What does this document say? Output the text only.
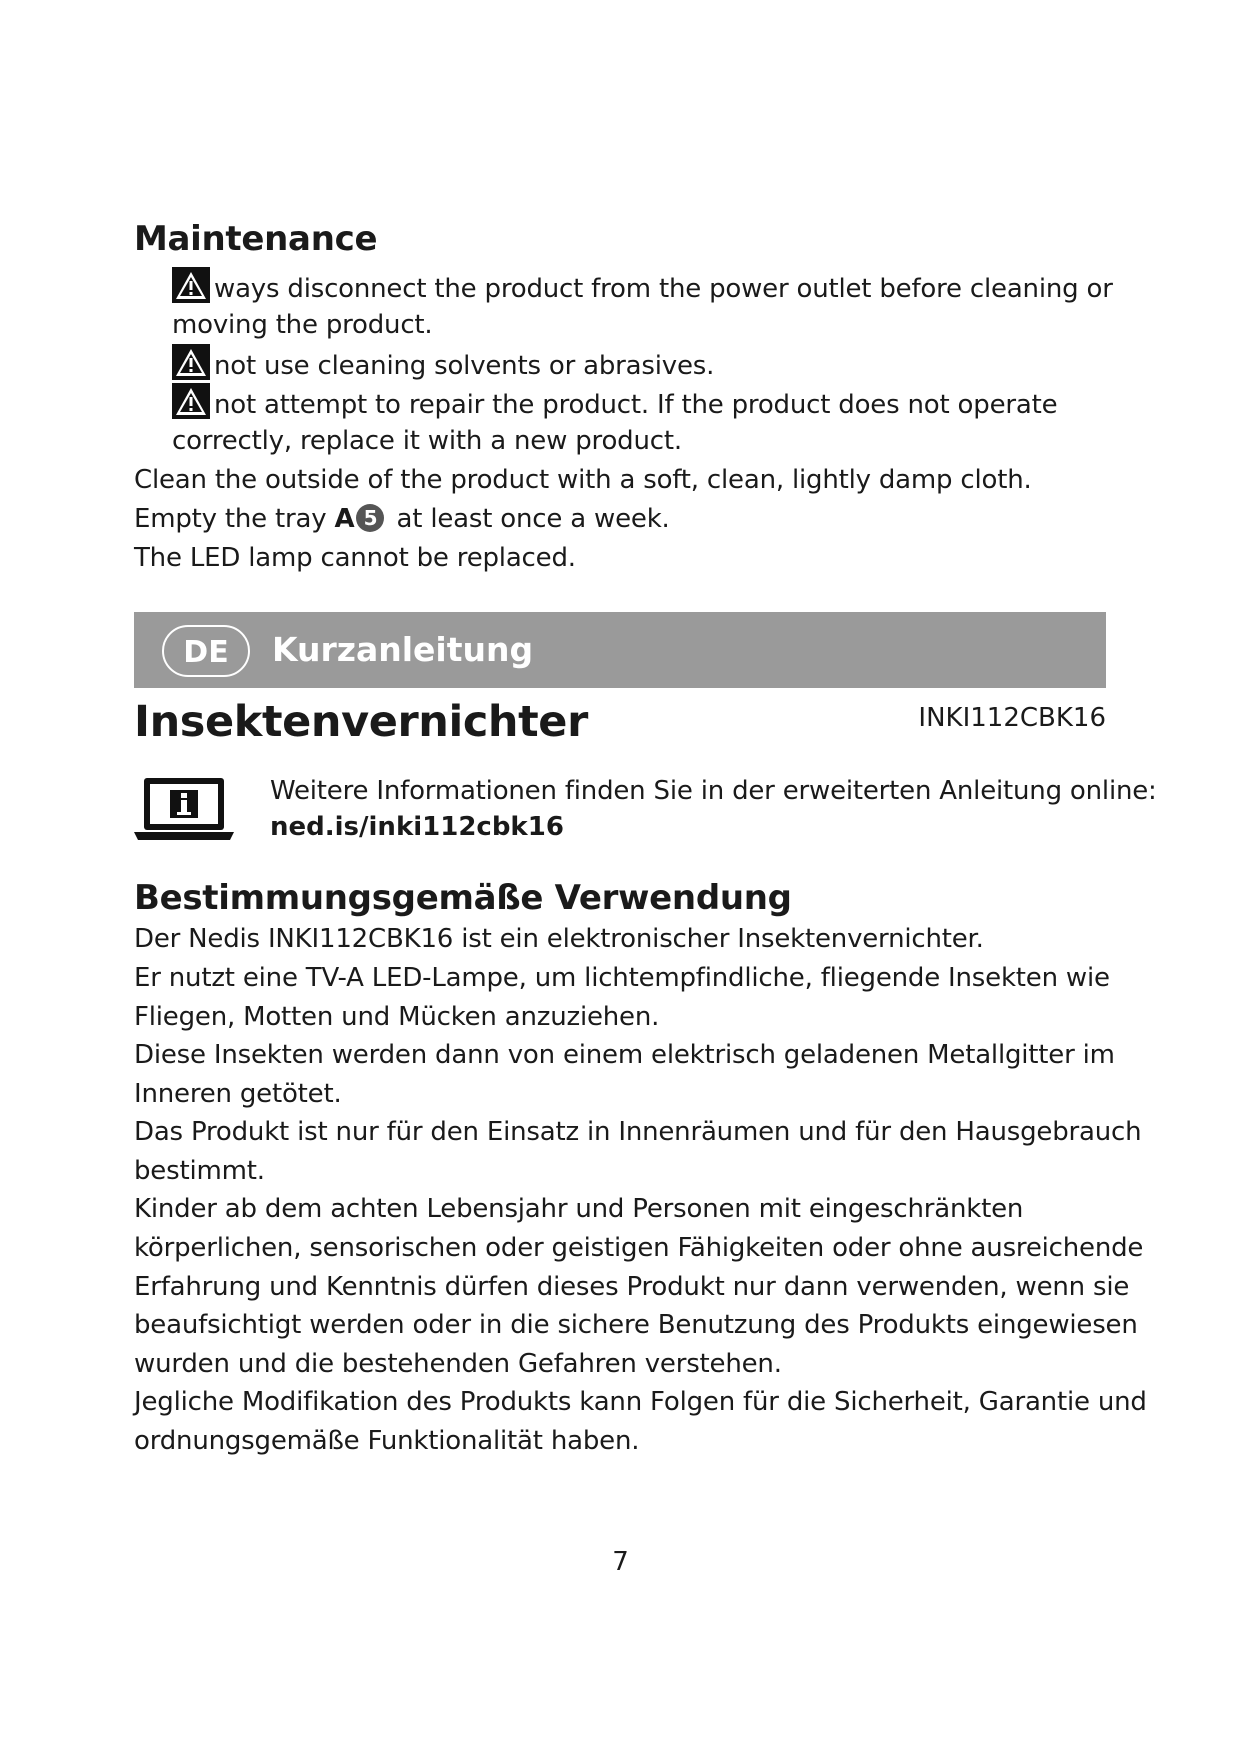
Maintenance
ways disconnect the product from the power outlet before cleaning or
moving the product.
not use cleaning solvents or abrasives.
not attempt to repair the product. If the product does not operate
correctly, replace it with a new product.
Clean the outside of the product with a soft, clean, lightly damp cloth.
Empty the tray A 5 at least once a week.
The LED lamp cannot be replaced.
DE	Kurzanleitung
Insektenvernichter	INKI112CBK16
Weitere Informationen finden Sie in der erweiterten Anleitung online:
ned.is/inki112cbk16
Bestimmungsgemäße Verwendung
Der Nedis INKI112CBK16 ist ein elektronischer Insektenvernichter.
Er nutzt eine TV-A LED-Lampe, um lichtempfindliche, fliegende Insekten wie
Fliegen, Motten und Mücken anzuziehen.
Diese Insekten werden dann von einem elektrisch geladenen Metallgitter im
Inneren getötet.
Das Produkt ist nur für den Einsatz in Innenräumen und für den Hausgebrauch
bestimmt.
Kinder ab dem achten Lebensjahr und Personen mit eingeschränkten
körperlichen, sensorischen oder geistigen Fähigkeiten oder ohne ausreichende
Erfahrung und Kenntnis dürfen dieses Produkt nur dann verwenden, wenn sie
beaufsichtigt werden oder in die sichere Benutzung des Produkts eingewiesen
wurden und die bestehenden Gefahren verstehen.
Jegliche Modifikation des Produkts kann Folgen für die Sicherheit, Garantie und
ordnungsgemäße Funktionalität haben.
7
